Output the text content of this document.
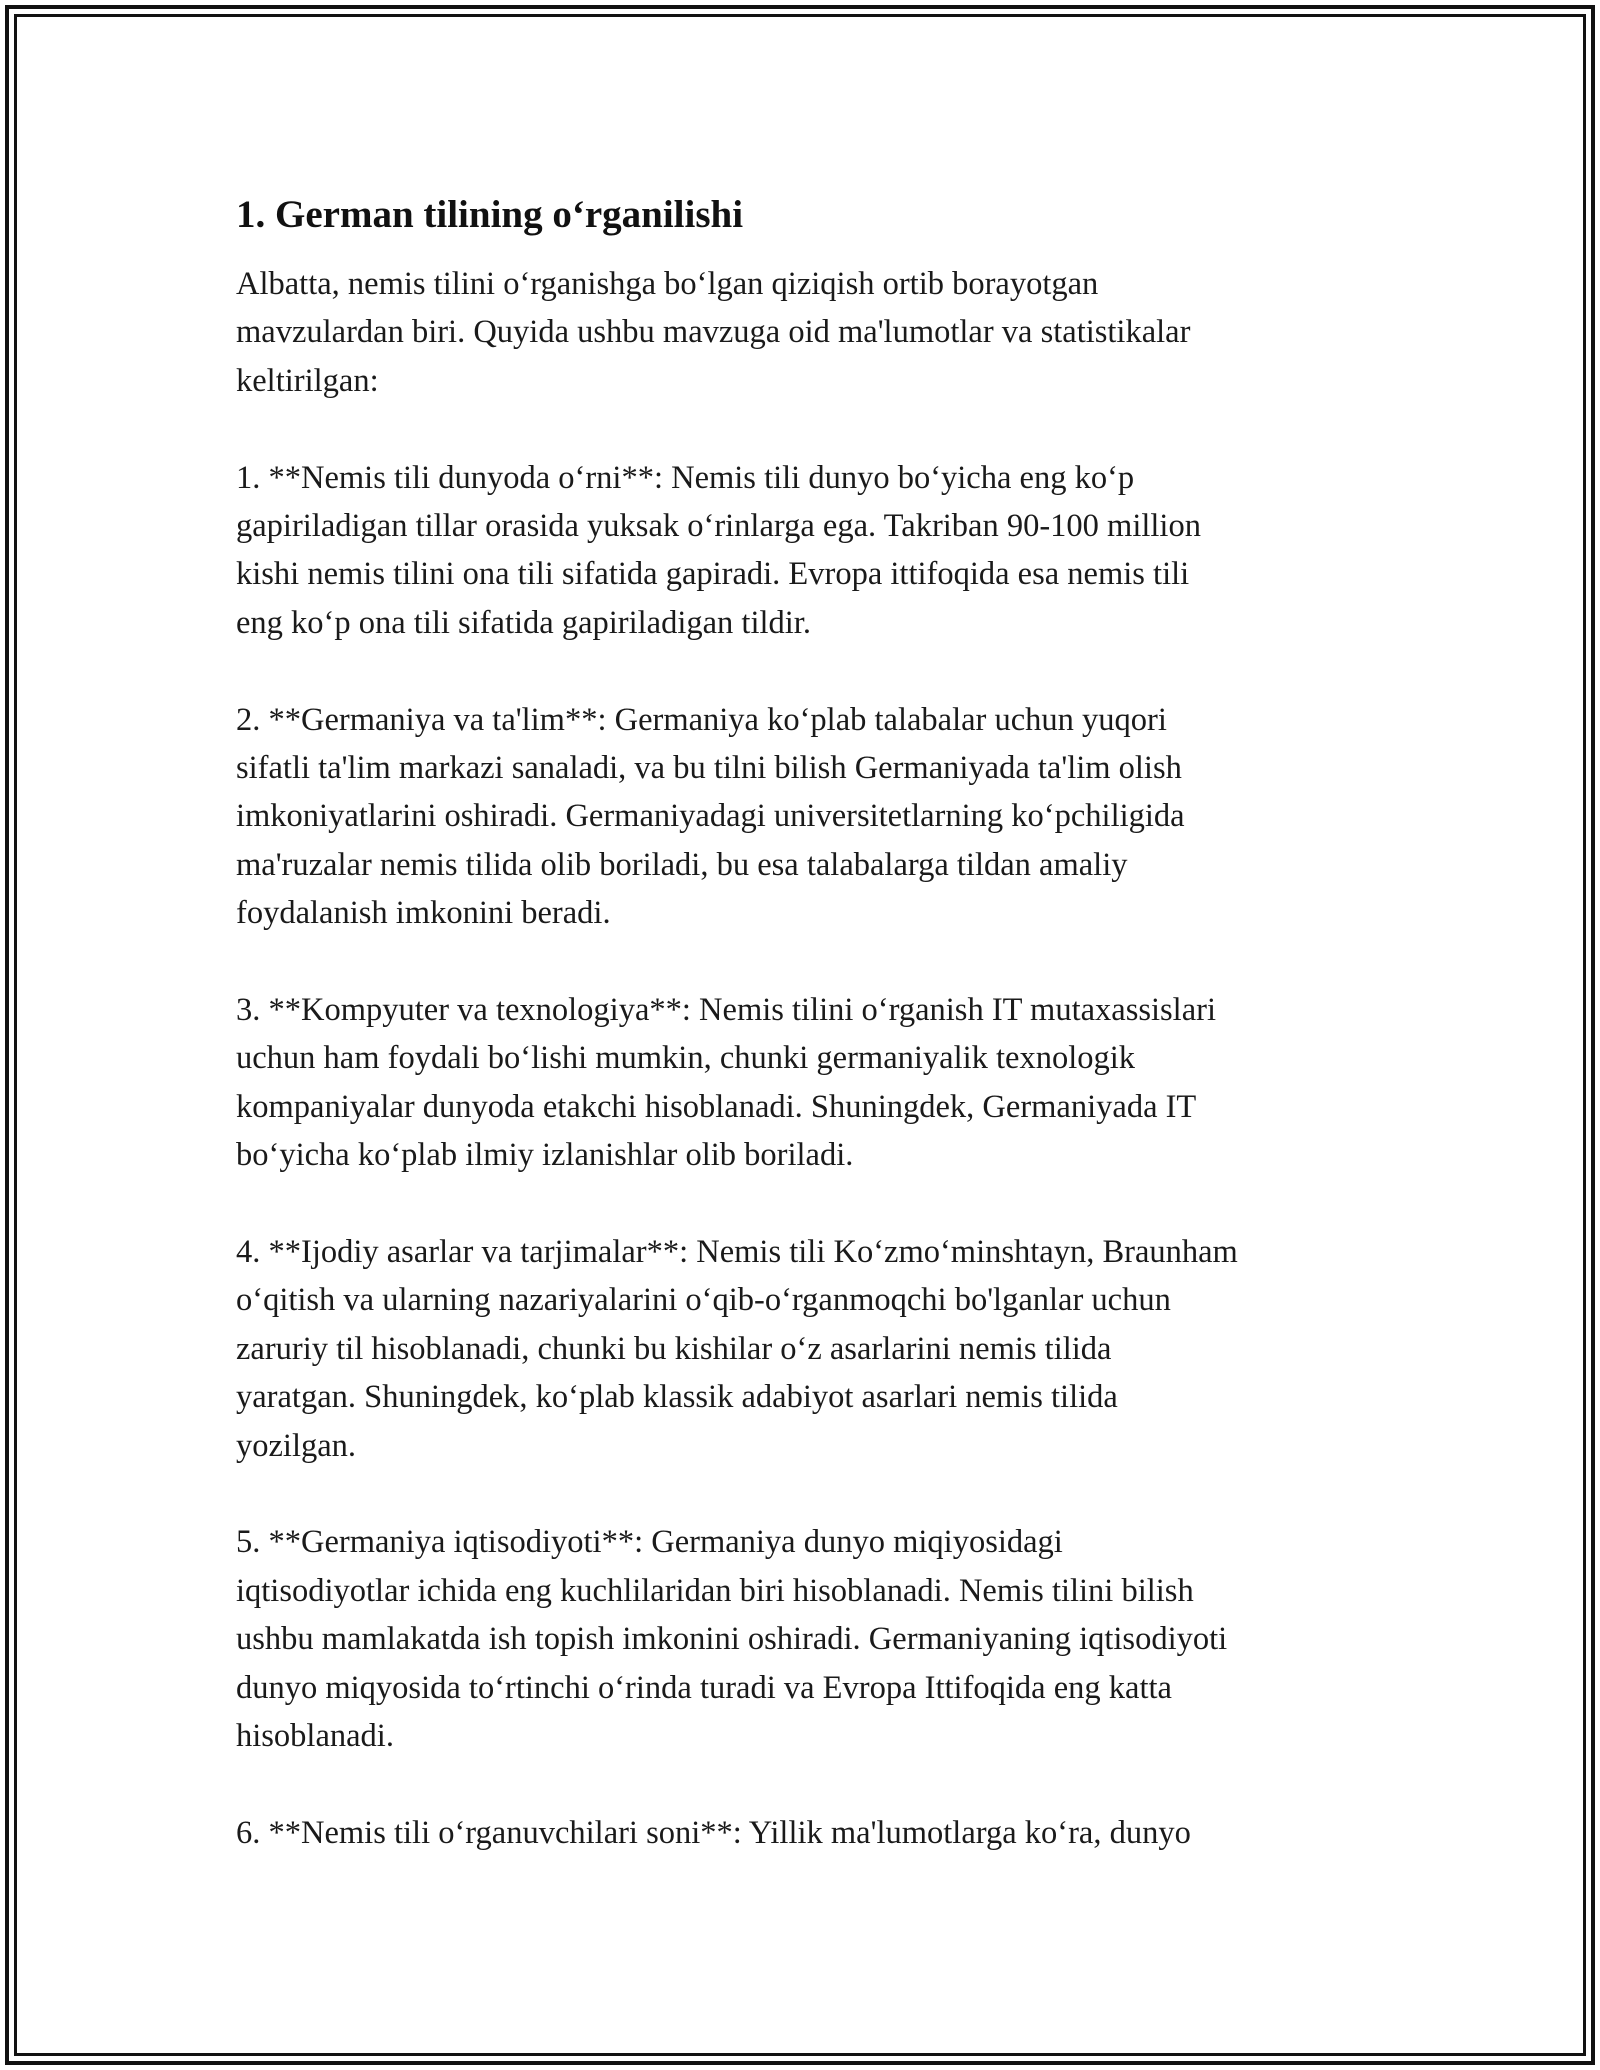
1. German tilining o‘rganilishi

Albatta, nemis tilini o‘rganishga bo‘lgan qiziqish ortib borayotgan
mavzulardan biri. Quyida ushbu mavzuga oid ma'lumotlar va statistikalar
keltirilgan:

1. **Nemis tili dunyoda o‘rni**: Nemis tili dunyo bo‘yicha eng ko‘p
gapiriladigan tillar orasida yuksak o‘rinlarga ega. Takriban 90-100 million
kishi nemis tilini ona tili sifatida gapiradi. Evropa ittifoqida esa nemis tili
eng ko‘p ona tili sifatida gapiriladigan tildir.

2. **Germaniya va ta'lim**: Germaniya ko‘plab talabalar uchun yuqori
sifatli ta'lim markazi sanaladi, va bu tilni bilish Germaniyada ta'lim olish
imkoniyatlarini oshiradi. Germaniyadagi universitetlarning ko‘pchiligida
ma'ruzalar nemis tilida olib boriladi, bu esa talabalarga tildan amaliy
foydalanish imkonini beradi.

3. **Kompyuter va texnologiya**: Nemis tilini o‘rganish IT mutaxassislari
uchun ham foydali bo‘lishi mumkin, chunki germaniyalik texnologik
kompaniyalar dunyoda etakchi hisoblanadi. Shuningdek, Germaniyada IT
bo‘yicha ko‘plab ilmiy izlanishlar olib boriladi.

4. **Ijodiy asarlar va tarjimalar**: Nemis tili Ko‘zmo‘minshtayn, Braunham
o‘qitish va ularning nazariyalarini o‘qib-o‘rganmoqchi bo'lganlar uchun
zaruriy til hisoblanadi, chunki bu kishilar o‘z asarlarini nemis tilida
yaratgan. Shuningdek, ko‘plab klassik adabiyot asarlari nemis tilida
yozilgan.

5. **Germaniya iqtisodiyoti**: Germaniya dunyo miqiyosidagi
iqtisodiyotlar ichida eng kuchlilaridan biri hisoblanadi. Nemis tilini bilish
ushbu mamlakatda ish topish imkonini oshiradi. Germaniyaning iqtisodiyoti
dunyo miqyosida to‘rtinchi o‘rinda turadi va Evropa Ittifoqida eng katta
hisoblanadi.

6. **Nemis tili o‘rganuvchilari soni**: Yillik ma'lumotlarga ko‘ra, dunyo
